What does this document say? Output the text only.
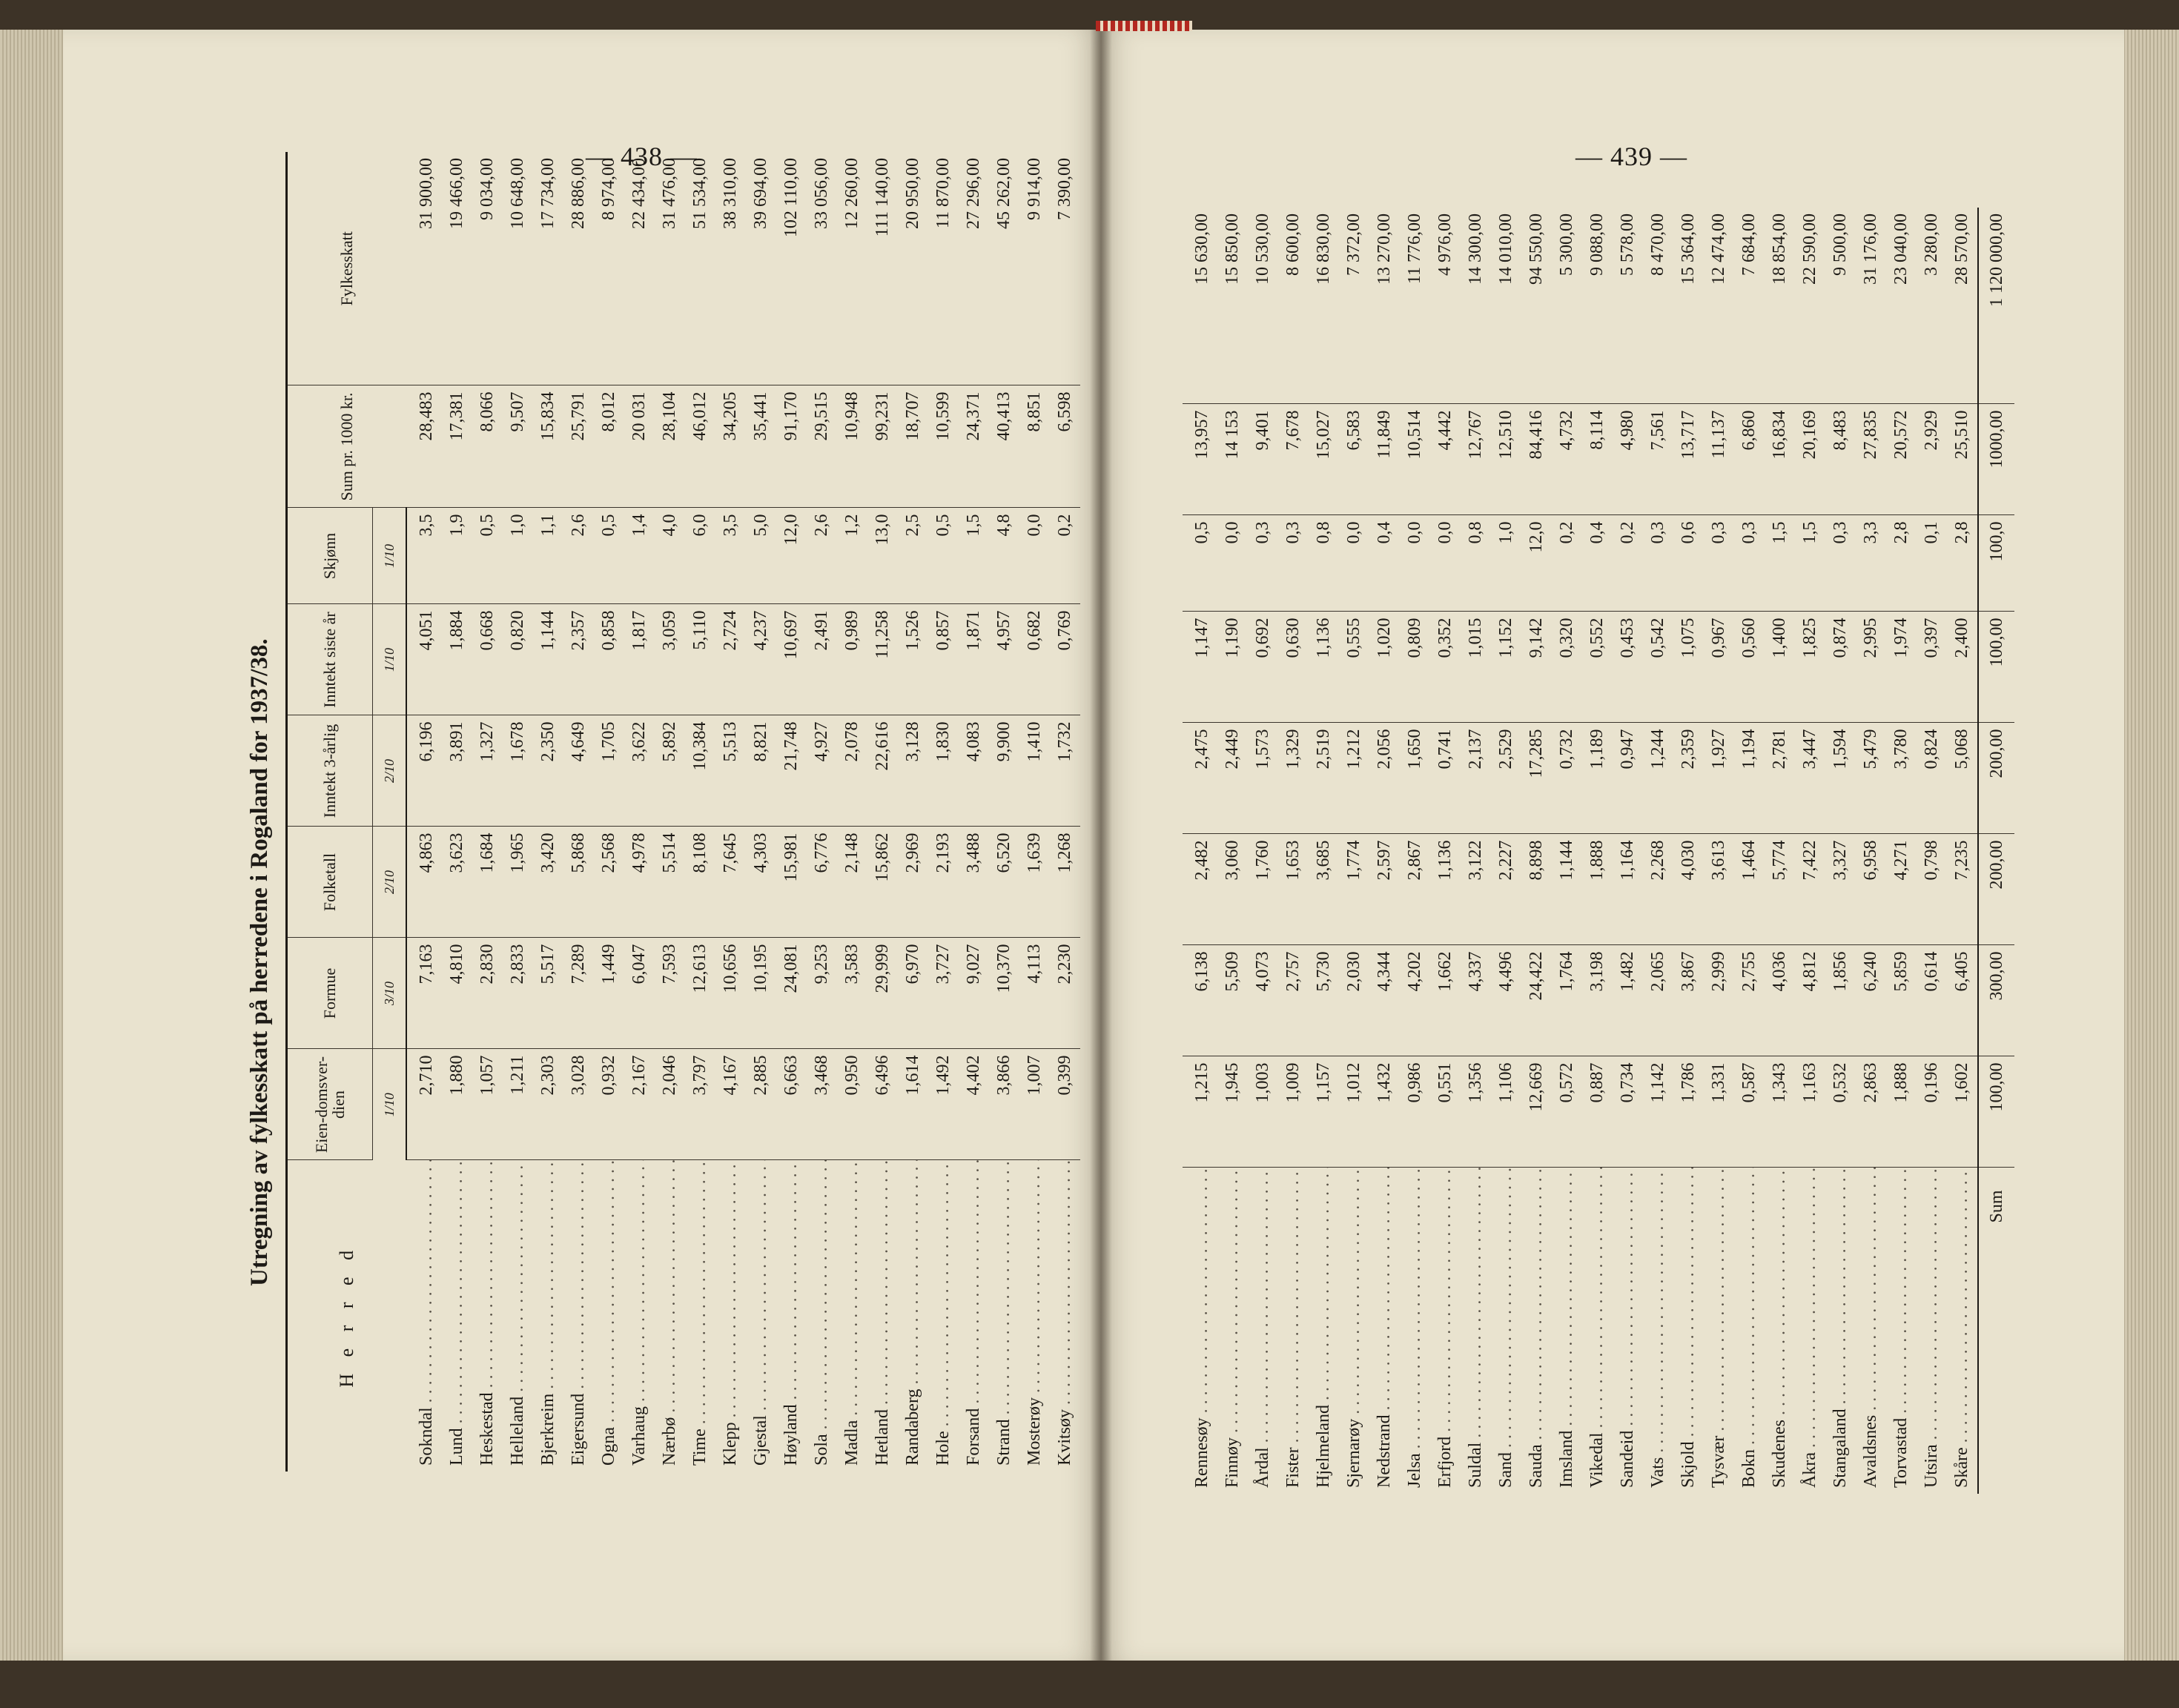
— 438 —	— 439 —
Utregning av fylkesskatt på herredene i Rogaland for 1937/38.
H e r r e d	Eien-domsver-dien	Formue	Folketall	Inntekt 3-årlig	Inntekt siste år	Skjønn	Sum pr. 1000 kr.	Fylkesskatt
	1/10	3/10	2/10	2/10	1/10	1/10		
Sokndal . . .	2,710	7,163	4,863	6,196	4,051	3,5	28,483	31 900,00
Lund . . .	1,880	4,810	3,623	3,891	1,884	1,9	17,381	19 466,00
Heskestad . . .	1,057	2,830	1,684	1,327	0,668	0,5	8,066	9 034,00
Helleland . . .	1,211	2,833	1,965	1,678	0,820	1,0	9,507	10 648,00
Bjerkreim . . .	2,303	5,517	3,420	2,350	1,144	1,1	15,834	17 734,00
Eigersund . . .	3,028	7,289	5,868	4,649	2,357	2,6	25,791	28 886,00
Ogna . . .	0,932	1,449	2,568	1,705	0,858	0,5	8,012	8 974,00
Varhaug . . .	2,167	6,047	4,978	3,622	1,817	1,4	20 031	22 434,00
Nærbø . . .	2,046	7,593	5,514	5,892	3,059	4,0	28,104	31 476,00
Time . . .	3,797	12,613	8,108	10,384	5,110	6,0	46,012	51 534,00
Klepp . . .	4,167	10,656	7,645	5,513	2,724	3,5	34,205	38 310,00
Gjestal . . .	2,885	10,195	4,303	8,821	4,237	5,0	35,441	39 694,00
Høyland . . .	6,663	24,081	15,981	21,748	10,697	12,0	91,170	102 110,00
Sola . . .	3,468	9,253	6,776	4,927	2,491	2,6	29,515	33 056,00
Madla . . .	0,950	3,583	2,148	2,078	0,989	1,2	10,948	12 260,00
Hetland . . .	6,496	29,999	15,862	22,616	11,258	13,0	99,231	111 140,00
Randaberg . . .	1,614	6,970	2,969	3,128	1,526	2,5	18,707	20 950,00
Hole . . .	1,492	3,727	2,193	1,830	0,857	0,5	10,599	11 870,00
Forsand . . .	4,402	9,027	3,488	4,083	1,871	1,5	24,371	27 296,00
Strand . . .	3,866	10,370	6,520	9,900	4,957	4,8	40,413	45 262,00
Mosterøy . . .	1,007	4,113	1,639	1,410	0,682	0,0	8,851	9 914,00
Kvitsøy . . .	0,399	2,230	1,268	1,732	0,769	0,2	6,598	7 390,00
Rennesøy . . .	1,215	6,138	2,482	2,475	1,147	0,5	13,957	15 630,00
Finnøy . . .	1,945	5,509	3,060	2,449	1,190	0,0	14 153	15 850,00
Årdal . . .	1,003	4,073	1,760	1,573	0,692	0,3	9,401	10 530,00
Fister . . .	1,009	2,757	1,653	1,329	0,630	0,3	7,678	8 600,00
Hjelmeland . . .	1,157	5,730	3,685	2,519	1,136	0,8	15,027	16 830,00
Sjernarøy . . .	1,012	2,030	1,774	1,212	0,555	0,0	6,583	7 372,00
Nedstrand . . .	1,432	4,344	2,597	2,056	1,020	0,4	11,849	13 270,00
Jelsa . . .	0,986	4,202	2,867	1,650	0,809	0,0	10,514	11 776,00
Erfjord . . .	0,551	1,662	1,136	0,741	0,352	0,0	4,442	4 976,00
Suldal . . .	1,356	4,337	3,122	2,137	1,015	0,8	12,767	14 300,00
Sand . . .	1,106	4,496	2,227	2,529	1,152	1,0	12,510	14 010,00
Sauda . . .	12,669	24,422	8,898	17,285	9,142	12,0	84,416	94 550,00
Imsland . . .	0,572	1,764	1,144	0,732	0,320	0,2	4,732	5 300,00
Vikedal . . .	0,887	3,198	1,888	1,189	0,552	0,4	8,114	9 088,00
Sandeid . . .	0,734	1,482	1,164	0,947	0,453	0,2	4,980	5 578,00
Vats . . .	1,142	2,065	2,268	1,244	0,542	0,3	7,561	8 470,00
Skjold . . .	1,786	3,867	4,030	2,359	1,075	0,6	13,717	15 364,00
Tysvær . . .	1,331	2,999	3,613	1,927	0,967	0,3	11,137	12 474,00
Bokn . . .	0,587	2,755	1,464	1,194	0,560	0,3	6,860	7 684,00
Skudenes . . .	1,343	4,036	5,774	2,781	1,400	1,5	16,834	18 854,00
Åkra . . .	1,163	4,812	7,422	3,447	1,825	1,5	20,169	22 590,00
Stangaland . . .	0,532	1,856	3,327	1,594	0,874	0,3	8,483	9 500,00
Avaldsnes . . .	2,863	6,240	6,958	5,479	2,995	3,3	27,835	31 176,00
Torvastad . . .	1,888	5,859	4,271	3,780	1,974	2,8	20,572	23 040,00
Utsira . . .	0,196	0,614	0,798	0,824	0,397	0,1	2,929	3 280,00
Skåre . . .	1,602	6,405	7,235	5,068	2,400	2,8	25,510	28 570,00
Sum	100,00	300,00	200,00	200,00	100,00	100,0	1000,00	1 120 000,00
